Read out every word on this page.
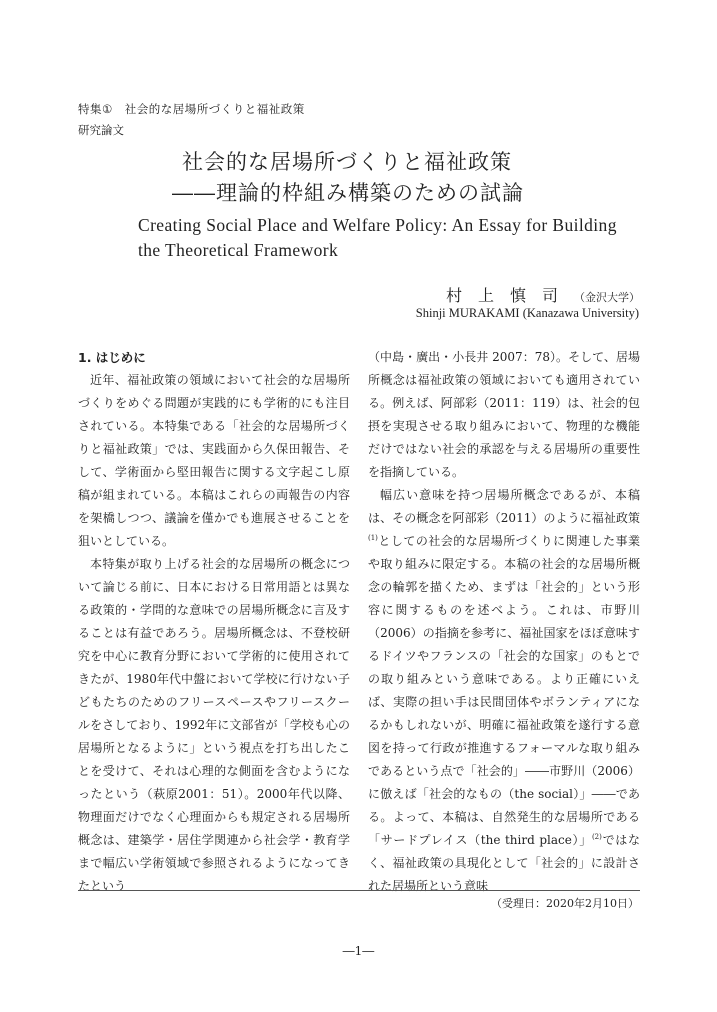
特集①　社会的な居場所づくりと福祉政策
研究論文
社会的な居場所づくりと福祉政策
――理論的枠組み構築のための試論
Creating Social Place and Welfare Policy: An Essay for Building the Theoretical Framework
村上慎司（金沢大学）
Shinji MURAKAMI (Kanazawa University)

1. はじめに

近年、福祉政策の領域において社会的な居場所づくりをめぐる問題が実践的にも学術的にも注目されている。本特集である「社会的な居場所づくりと福祉政策」では、実践面から久保田報告、そして、学術面から堅田報告に関する文字起こし原稿が組まれている。本稿はこれらの両報告の内容を架橋しつつ、議論を僅かでも進展させることを狙いとしている。

本特集が取り上げる社会的な居場所の概念について論じる前に、日本における日常用語とは異なる政策的・学問的な意味での居場所概念に言及することは有益であろう。居場所概念は、不登校研究を中心に教育分野において学術的に使用されてきたが、1980年代中盤において学校に行けない子どもたちのためのフリースペースやフリースクールをさしており、1992年に文部省が「学校も心の居場所となるように」という視点を打ち出したことを受けて、それは心理的な側面を含むようになったという（萩原2001：51）。2000年代以降、物理面だけでなく心理面からも規定される居場所概念は、建築学・居住学関連から社会学・教育学まで幅広い学術領域で参照されるようになってきたという

（中島・廣出・小長井 2007：78）。そして、居場所概念は福祉政策の領域においても適用されている。例えば、阿部彩（2011：119）は、社会的包摂を実現させる取り組みにおいて、物理的な機能だけではない社会的承認を与える居場所の重要性を指摘している。

幅広い意味を持つ居場所概念であるが、本稿は、その概念を阿部彩（2011）のように福祉政策$^{(1)}$としての社会的な居場所づくりに関連した事業や取り組みに限定する。本稿の社会的な居場所概念の輪郭を描くため、まずは「社会的」という形容に関するものを述べよう。これは、市野川（2006）の指摘を参考に、福祉国家をほぼ意味するドイツやフランスの「社会的な国家」のもとでの取り組みという意味である。より正確にいえば、実際の担い手は民間団体やボランティアになるかもしれないが、明確に福祉政策を遂行する意図を持って行政が推進するフォーマルな取り組みであるという点で「社会的」――市野川（2006）に倣えば「社会的なもの（the social）」――である。よって、本稿は、自然発生的な居場所である「サードプレイス（the third place）」$^{(2)}$ではなく、福祉政策の具現化として「社会的」に設計された居場所という意味

（受理日：2020年2月10日）
―1―
